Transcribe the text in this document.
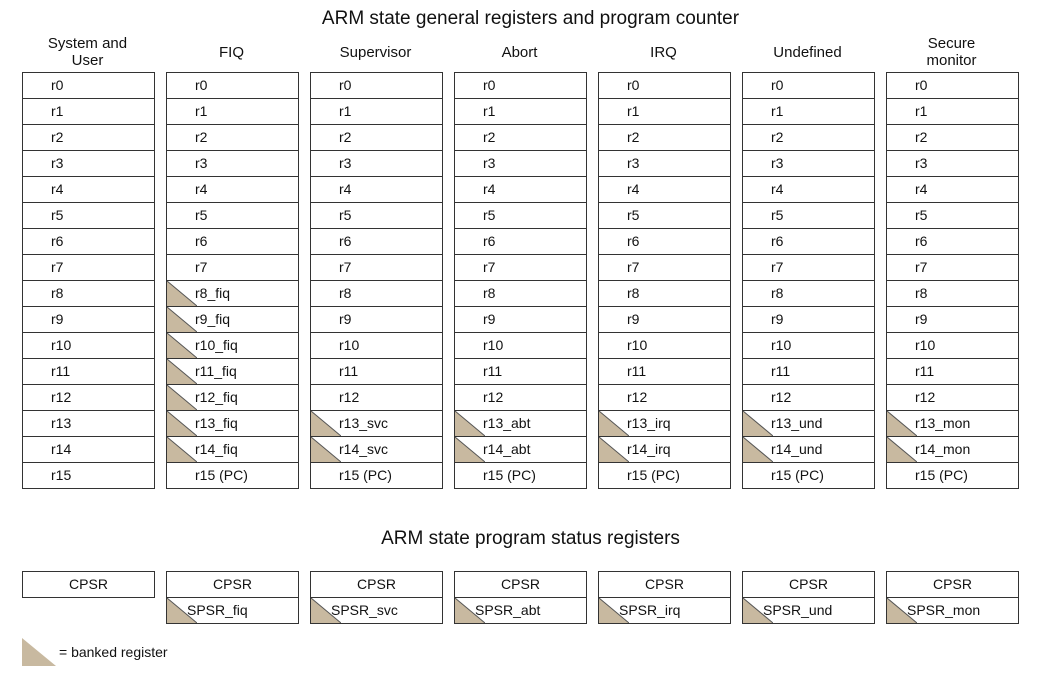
ARM state general registers and program counter
System and
User
r0
r1
r2
r3
r4
r5
r6
r7
r8
r9
r10
r11
r12
r13
r14
r15
CPSR
FIQ
r0
r1
r2
r3
r4
r5
r6
r7
r8_fiq
r9_fiq
r10_fiq
r11_fiq
r12_fiq
r13_fiq
r14_fiq
r15 (PC)
CPSR
SPSR_fiq
Supervisor
r0
r1
r2
r3
r4
r5
r6
r7
r8
r9
r10
r11
r12
r13_svc
r14_svc
r15 (PC)
CPSR
SPSR_svc
Abort
r0
r1
r2
r3
r4
r5
r6
r7
r8
r9
r10
r11
r12
r13_abt
r14_abt
r15 (PC)
CPSR
SPSR_abt
IRQ
r0
r1
r2
r3
r4
r5
r6
r7
r8
r9
r10
r11
r12
r13_irq
r14_irq
r15 (PC)
CPSR
SPSR_irq
Undefined
r0
r1
r2
r3
r4
r5
r6
r7
r8
r9
r10
r11
r12
r13_und
r14_und
r15 (PC)
CPSR
SPSR_und
Secure
monitor
r0
r1
r2
r3
r4
r5
r6
r7
r8
r9
r10
r11
r12
r13_mon
r14_mon
r15 (PC)
CPSR
SPSR_mon
ARM state program status registers
= banked register
